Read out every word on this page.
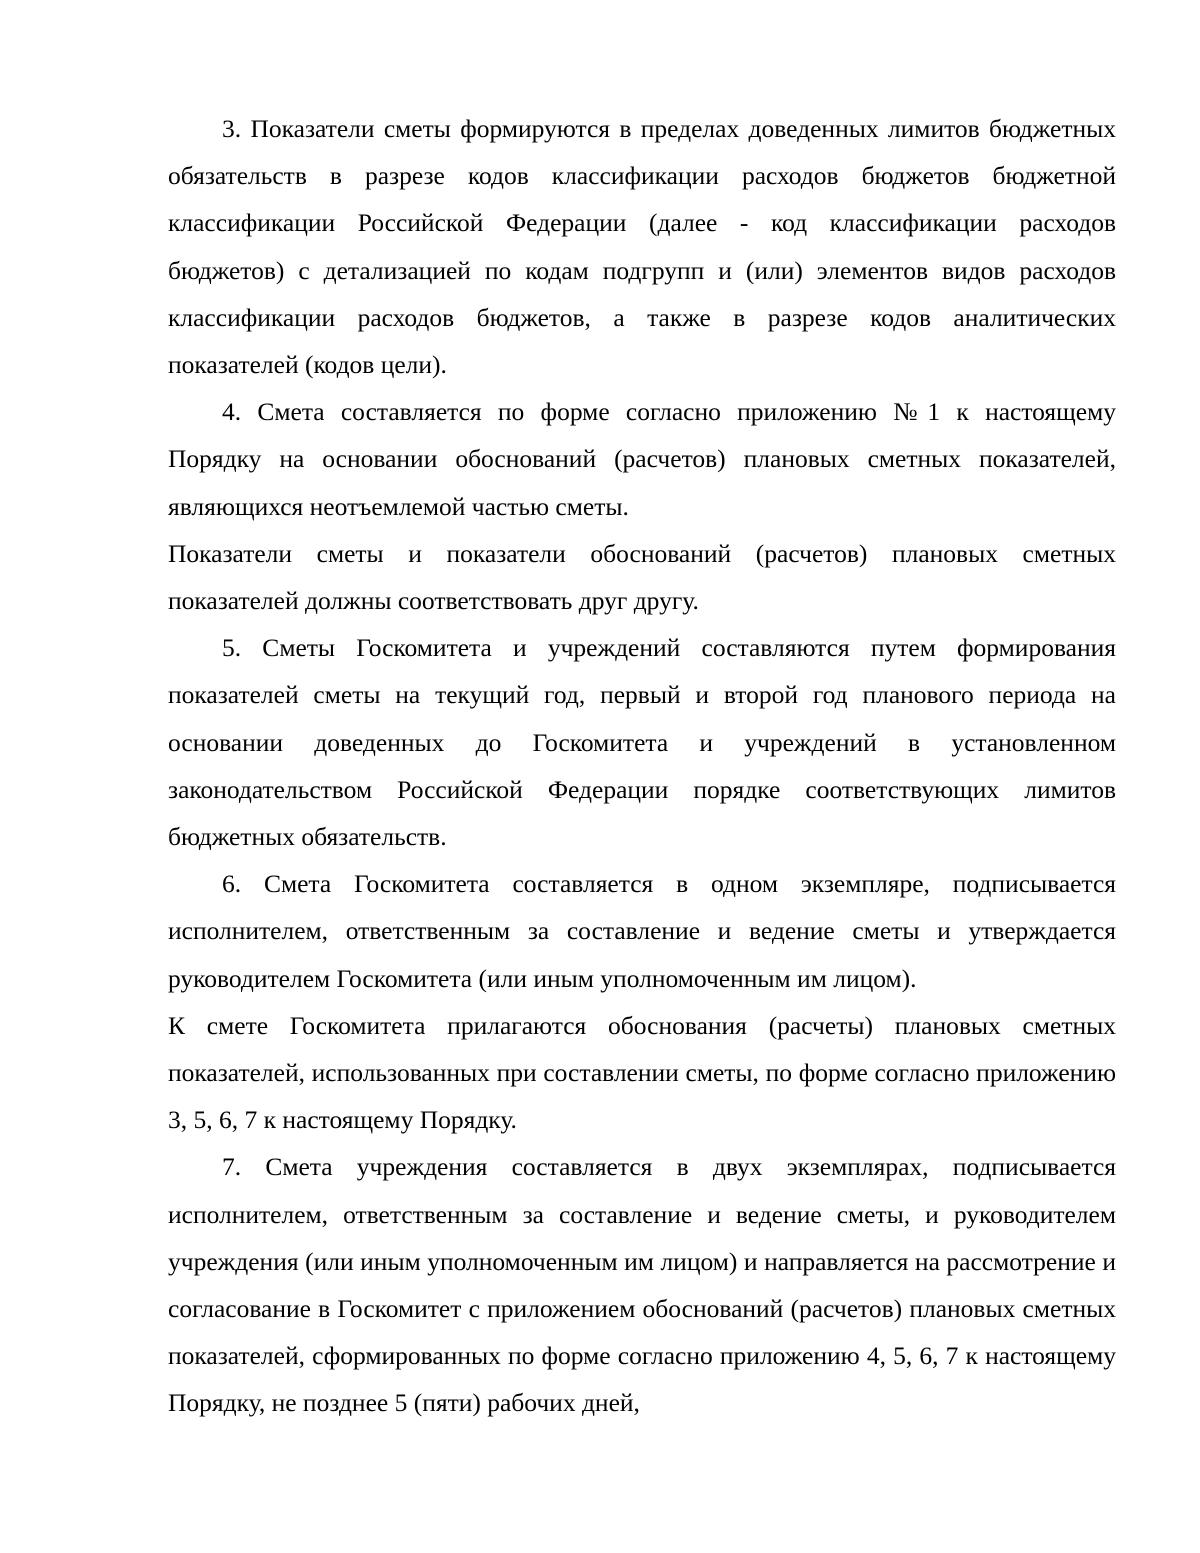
3. Показатели сметы формируются в пределах доведенных лимитов бюджетных обязательств в разрезе кодов классификации расходов бюджетов бюджетной классификации Российской Федерации (далее - код классификации расходов бюджетов) с детализацией по кодам подгрупп и (или) элементов видов расходов классификации расходов бюджетов, а также в разрезе кодов аналитических показателей (кодов цели).

4. Смета составляется по форме согласно приложению №1 к настоящему Порядку на основании обоснований (расчетов) плановых сметных показателей, являющихся неотъемлемой частью сметы.

Показатели сметы и показатели обоснований (расчетов) плановых сметных показателей должны соответствовать друг другу.

5. Сметы Госкомитета и учреждений составляются путем формирования показателей сметы на текущий год, первый и второй год планового периода на основании доведенных до Госкомитета и учреждений в установленном законодательством Российской Федерации порядке соответствующих лимитов бюджетных обязательств.

6. Смета Госкомитета составляется в одном экземпляре, подписывается исполнителем, ответственным за составление и ведение сметы и утверждается руководителем Госкомитета (или иным уполномоченным им лицом).

К смете Госкомитета прилагаются обоснования (расчеты) плановых сметных показателей, использованных при составлении сметы, по форме согласно приложению 3, 5, 6, 7 к настоящему Порядку.

7. Смета учреждения составляется в двух экземплярах, подписывается исполнителем, ответственным за составление и ведение сметы, и руководителем учреждения (или иным уполномоченным им лицом) и направляется на рассмотрение и согласование в Госкомитет с приложением обоснований (расчетов) плановых сметных показателей, сформированных по форме согласно приложению 4, 5, 6, 7 к настоящему Порядку, не позднее 5 (пяти) рабочих дней,
